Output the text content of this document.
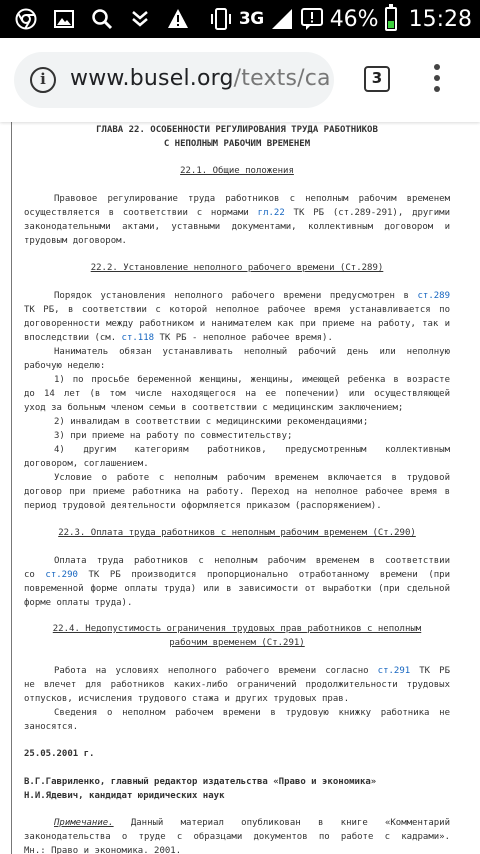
3G	46% 15:28
i	www.busel.org/texts/ca	3
ГЛАВА 22. ОСОБЕННОСТИ РЕГУЛИРОВАНИЯ ТРУДА РАБОТНИКОВ
С НЕПОЛНЫМ РАБОЧИМ ВРЕМЕНЕМ
22.1. Общие положения
Правовое регулирование труда работников с неполным рабочим временем
осуществляется в соответствии с нормами гл.22 ТК РБ (ст.289-291), другими
законодательными актами, уставными документами, коллективным договором и
трудовым договором.
22.2. Установление неполного рабочего времени (Ст.289)
Порядок установления неполного рабочего времени предусмотрен в ст.289
ТК РБ, в соответствии с которой неполное рабочее время устанавливается по
договоренности между работником и нанимателем как при приеме на работу, так и
впоследствии (см. ст.118 ТК РБ - неполное рабочее время).
Наниматель обязан устанавливать неполный рабочий день или неполную
рабочую неделю:
1) по просьбе беременной женщины, женщины, имеющей ребенка в возрасте
до 14 лет (в том числе находящегося на ее попечении) или осуществляющей
уход за больным членом семьи в соответствии с медицинским заключением;
2) инвалидам в соответствии с медицинскими рекомендациями;
3) при приеме на работу по совместительству;
4) другим категориям работников, предусмотренным коллективным
договором, соглашением.
Условие о работе с неполным рабочим временем включается в трудовой
договор при приеме работника на работу. Переход на неполное рабочее время в
период трудовой деятельности оформляется приказом (распоряжением).
22.3. Оплата труда работников с неполным рабочим временем (Ст.290)
Оплата труда работников с неполным рабочим временем в соответствии
со ст.290 ТК РБ производится пропорционально отработанному времени (при
повременной форме оплаты труда) или в зависимости от выработки (при сдельной
форме оплаты труда).
22.4. Недопустимость ограничения трудовых прав работников с неполным
рабочим временем (Ст.291)
Работа на условиях неполного рабочего времени согласно ст.291 ТК РБ
не влечет для работников каких-либо ограничений продолжительности трудовых
отпусков, исчисления трудового стажа и других трудовых прав.
Сведения о неполном рабочем времени в трудовую книжку работника не
заносятся.
25.05.2001 г.
В.Г.Гавриленко, главный редактор издательства «Право и экономика»
Н.И.Ядевич, кандидат юридических наук
Примечание. Данный материал опубликован в книге «Комментарий
законодательства о труде с образцами документов по работе с кадрами».
Мн.: Право и экономика. 2001.
